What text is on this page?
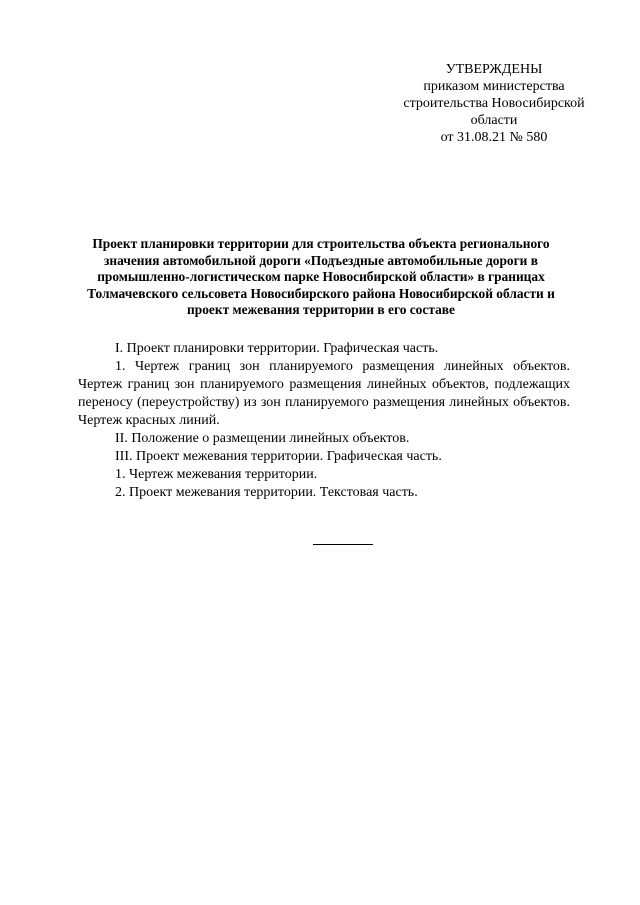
УТВЕРЖДЕНЫ
приказом министерства
строительства Новосибирской
области
от 31.08.21 № 580
Проект планировки территории для строительства объекта регионального значения автомобильной дороги «Подъездные автомобильные дороги в промышленно-логистическом парке Новосибирской области» в границах Толмачевского сельсовета Новосибирского района Новосибирской области и проект межевания территории в его составе

I. Проект планировки территории. Графическая часть.

1. Чертеж границ зон планируемого размещения линейных объектов. Чертеж границ зон планируемого размещения линейных объектов, подлежащих переносу (переустройству) из зон планируемого размещения линейных объектов. Чертеж красных линий.

II. Положение о размещении линейных объектов.

III. Проект межевания территории. Графическая часть.

1. Чертеж межевания территории.

2. Проект межевания территории. Текстовая часть.
